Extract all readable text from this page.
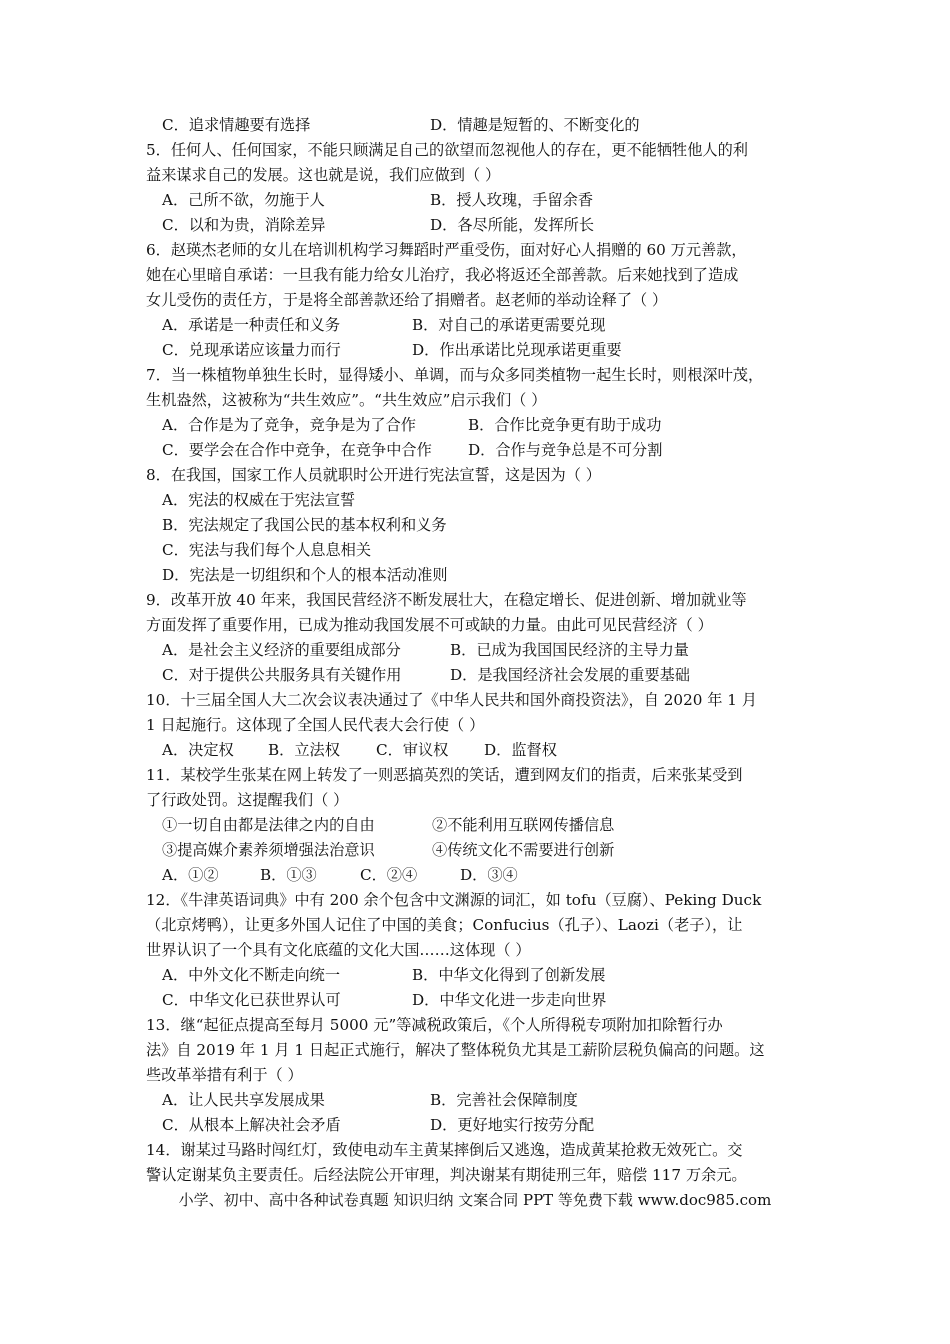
C．追求情趣要有选择	D．情趣是短暂的、不断变化的
5．任何人、任何国家，不能只顾满足自己的欲望而忽视他人的存在，更不能牺牲他人的利
益来谋求自己的发展。这也就是说，我们应做到（ ）
A．己所不欲，勿施于人	B．授人玫瑰，手留余香
C．以和为贵，消除差异	D．各尽所能，发挥所长
6．赵瑛杰老师的女儿在培训机构学习舞蹈时严重受伤，面对好心人捐赠的 60 万元善款，
她在心里暗自承诺：一旦我有能力给女儿治疗，我必将返还全部善款。后来她找到了造成
女儿受伤的责任方，于是将全部善款还给了捐赠者。赵老师的举动诠释了（ ）
A．承诺是一种责任和义务	B．对自己的承诺更需要兑现
C．兑现承诺应该量力而行	D．作出承诺比兑现承诺更重要
7．当一株植物单独生长时，显得矮小、单调，而与众多同类植物一起生长时，则根深叶茂，
生机盎然，这被称为“共生效应”。“共生效应”启示我们（ ）
A．合作是为了竞争，竞争是为了合作	B．合作比竞争更有助于成功
C．要学会在合作中竞争，在竞争中合作 D．合作与竞争总是不可分割
8．在我国，国家工作人员就职时公开进行宪法宣誓，这是因为（ ）
A．宪法的权威在于宪法宣誓
B．宪法规定了我国公民的基本权利和义务
C．宪法与我们每个人息息相关
D．宪法是一切组织和个人的根本活动准则
9．改革开放 40 年来，我国民营经济不断发展壮大，在稳定增长、促进创新、增加就业等
方面发挥了重要作用，已成为推动我国发展不可或缺的力量。由此可见民营经济（ ）
A．是社会主义经济的重要组成部分	B．已成为我国国民经济的主导力量
C．对于提供公共服务具有关键作用	D．是我国经济社会发展的重要基础
10．十三届全国人大二次会议表决通过了《中华人民共和国外商投资法》，自 2020 年 1 月
1 日起施行。这体现了全国人民代表大会行使（ ）
A．决定权 B．立法权 C．审议权 D．监督权
11．某校学生张某在网上转发了一则恶搞英烈的笑话，遭到网友们的指责，后来张某受到
了行政处罚。这提醒我们（ ）
①一切自由都是法律之内的自由	②不能利用互联网传播信息
③提高媒介素养须增强法治意识	④传统文化不需要进行创新
A．①②	B．①③	C．②④	D．③④
12．《牛津英语词典》中有 200 余个包含中文渊源的词汇，如 tofu（豆腐）、Peking Duck
（北京烤鸭），让更多外国人记住了中国的美食；Confucius（孔子）、Laozi（老子），让
世界认识了一个具有文化底蕴的文化大国……这体现（ ）
A．中外文化不断走向统一	B．中华文化得到了创新发展
C．中华文化已获世界认可	D．中华文化进一步走向世界
13．继“起征点提高至每月 5000 元”等减税政策后，《个人所得税专项附加扣除暂行办
法》自 2019 年 1 月 1 日起正式施行，解决了整体税负尤其是工薪阶层税负偏高的问题。这
些改革举措有利于（ ）
A．让人民共享发展成果	B．完善社会保障制度
C．从根本上解决社会矛盾	D．更好地实行按劳分配
14．谢某过马路时闯红灯，致使电动车主黄某摔倒后又逃逸，造成黄某抢救无效死亡。交
警认定谢某负主要责任。后经法院公开审理，判决谢某有期徒刑三年，赔偿 117 万余元。
小学、初中、高中各种试卷真题 知识归纳 文案合同 PPT 等免费下载 www.doc985.com
